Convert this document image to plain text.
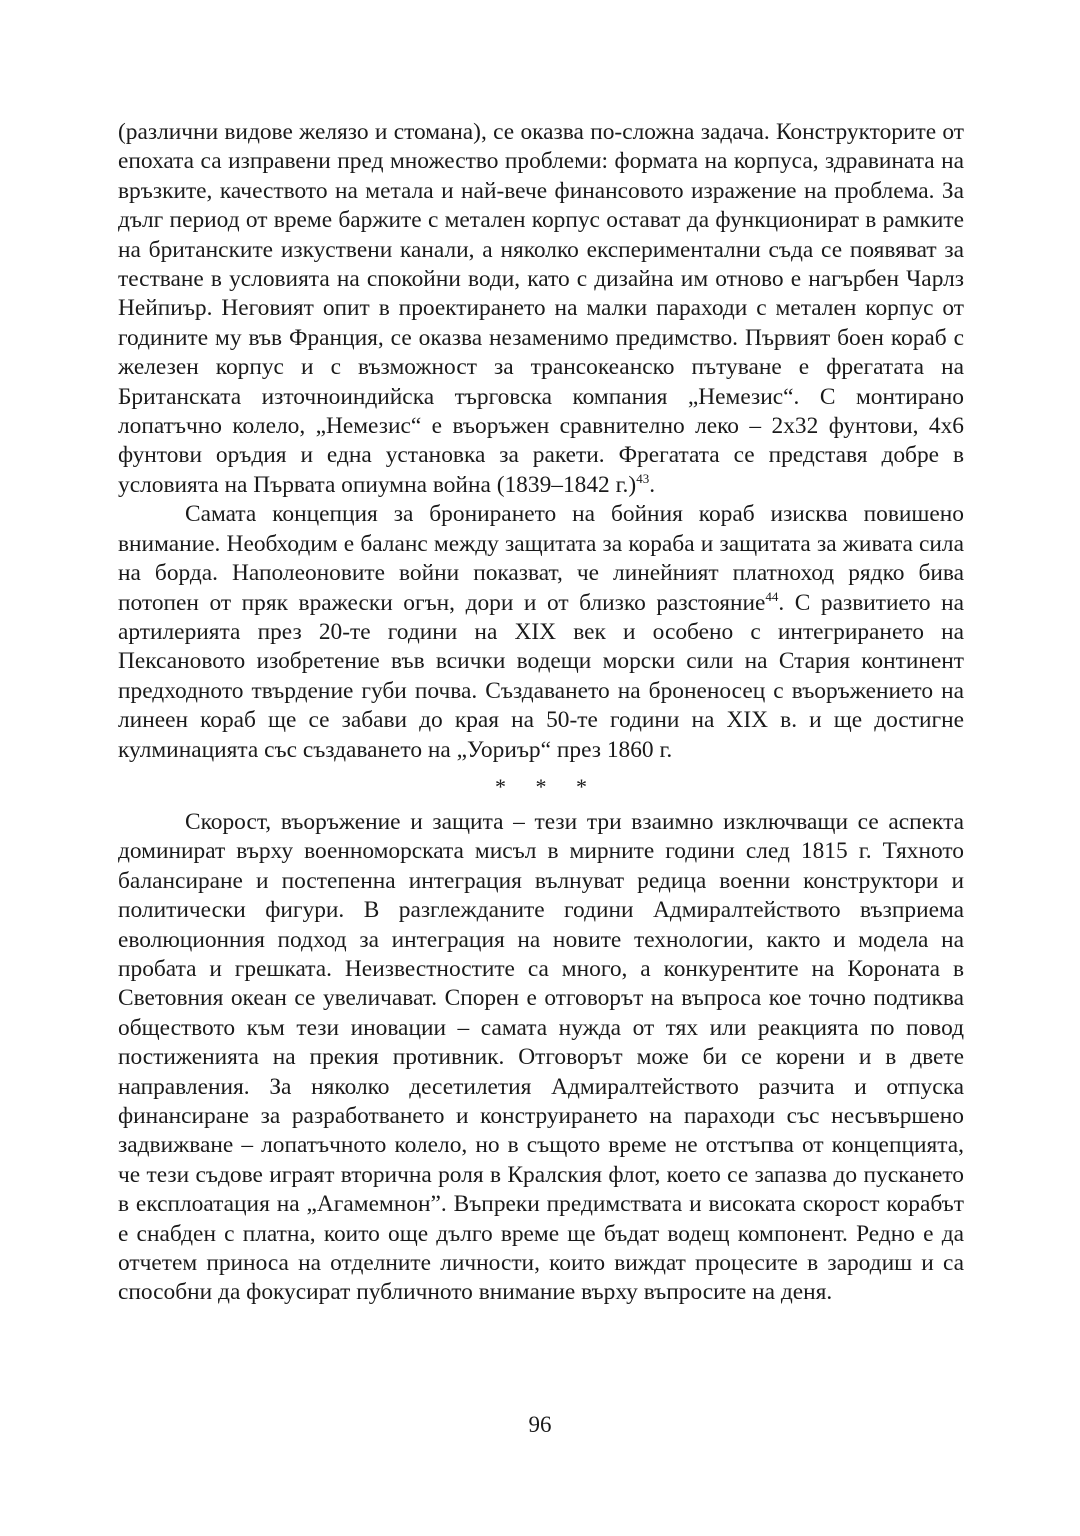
(различни видове желязо и стомана), се оказва по-сложна задача. Конструкторите от епохата са изправени пред множество проблеми: формата на корпуса, здравината на връзките, качеството на метала и най-вече финансовото изражение на проблема. За дълг период от време баржите с метален корпус остават да функционират в рамките на британските изкуствени канали, а няколко експериментални съда се появяват за тестване в условията на спокойни води, като с дизайна им отново е нагърбен Чарлз Нейпиър. Неговият опит в проектирането на малки параходи с метален корпус от годините му във Франция, се оказва незаменимо предимство. Първият боен кораб с железен корпус и с възможност за трансокеанско пътуване е фрегатата на Британската източноиндийска търговска компания „Немезис“. С монтирано лопатъчно колело, „Немезис“ е въоръжен сравнително леко – 2x32 фунтови, 4x6 фунтови оръдия и една установка за ракети. Фрегатата се представя добре в условията на Първата опиумна война (1839–1842 г.)$^{43}$.

Самата концепция за бронирането на бойния кораб изисква повишено внимание. Необходим е баланс между защитата за кораба и защитата за живата сила на борда. Наполеоновите войни показват, че линейният платноход рядко бива потопен от пряк вражески огън, дори и от близко разстояние$^{44}$. С развитието на артилерията през 20-те години на XIX век и особено с интегрирането на Пексановото изобретение във всички водещи морски сили на Стария континент предходното твърдение губи почва. Създаването на броненосец с въоръжението на линеен кораб ще се забави до края на 50-те години на XIX в. и ще достигне кулминацията със създаването на „Уориър“ през 1860 г.

* * *

Скорост, въоръжение и защита – тези три взаимно изключващи се аспекта доминират върху военноморската мисъл в мирните години след 1815 г. Тяхното балансиране и постепенна интеграция вълнуват редица военни конструктори и политически фигури. В разглежданите години Адмиралтейството възприема еволюционния подход за интеграция на новите технологии, както и модела на пробата и грешката. Неизвестностите са много, а конкурентите на Короната в Световния океан се увеличават. Спорен е отговорът на въпроса кое точно подтиква обществото към тези иновации – самата нужда от тях или реакцията по повод постиженията на прекия противник. Отговорът може би се корени и в двете направления. За няколко десетилетия Адмиралтейството разчита и отпуска финансиране за разработването и конструирането на параходи със несъвършено задвижване – лопатъчното колело, но в същото време не отстъпва от концепцията, че тези съдове играят вторична роля в Кралския флот, което се запазва до пускането в експлоатация на „Агамемнон”. Въпреки предимствата и високата скорост корабът е снабден с платна, които още дълго време ще бъдат водещ компонент. Редно е да отчетем приноса на отделните личности, които виждат процесите в зародиш и са способни да фокусират публичното внимание върху въпросите на деня.

96
